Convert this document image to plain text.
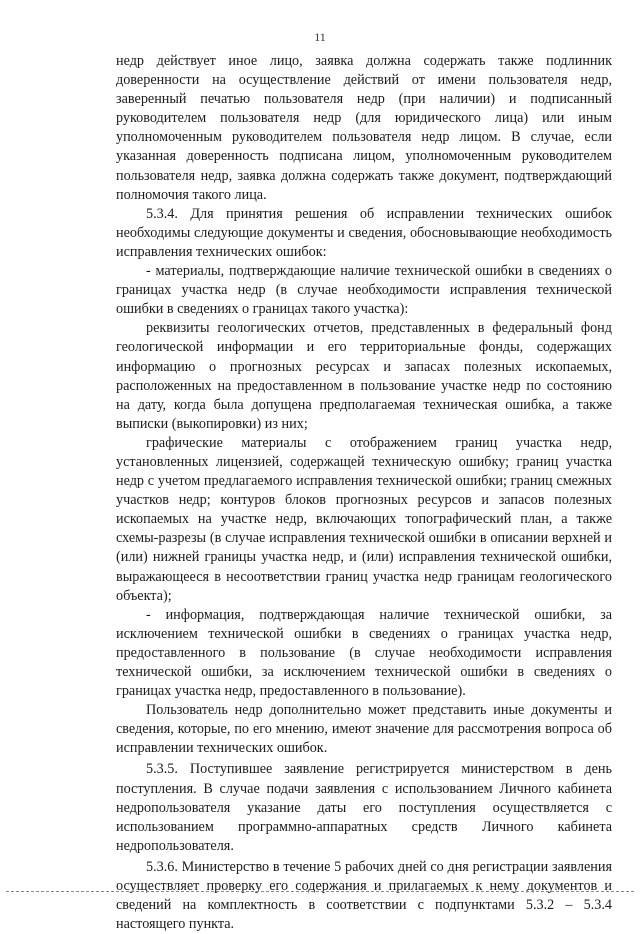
11

недр действует иное лицо, заявка должна содержать также подлинник доверенности на осуществление действий от имени пользователя недр, заверенный печатью пользователя недр (при наличии) и подписанный руководителем пользователя недр (для юридического лица) или иным уполномоченным руководителем пользователя недр лицом. В случае, если указанная доверенность подписана лицом, уполномоченным руководителем пользователя недр, заявка должна содержать также документ, подтверждающий полномочия такого лица.

5.3.4. Для принятия решения об исправлении технических ошибок необходимы следующие документы и сведения, обосновывающие необходимость исправления технических ошибок:

- материалы, подтверждающие наличие технической ошибки в сведениях о границах участка недр (в случае необходимости исправления технической ошибки в сведениях о границах такого участка):

реквизиты геологических отчетов, представленных в федеральный фонд геологической информации и его территориальные фонды, содержащих информацию о прогнозных ресурсах и запасах полезных ископаемых, расположенных на предоставленном в пользование участке недр по состоянию на дату, когда была допущена предполагаемая техническая ошибка, а также выписки (выкопировки) из них;

графические материалы с отображением границ участка недр, установленных лицензией, содержащей техническую ошибку; границ участка недр с учетом предлагаемого исправления технической ошибки; границ смежных участков недр; контуров блоков прогнозных ресурсов и запасов полезных ископаемых на участке недр, включающих топографический план, а также схемы-разрезы (в случае исправления технической ошибки в описании верхней и (или) нижней границы участка недр, и (или) исправления технической ошибки, выражающееся в несоответствии границ участка недр границам геологического объекта);

- информация, подтверждающая наличие технической ошибки, за исключением технической ошибки в сведениях о границах участка недр, предоставленного в пользование (в случае необходимости исправления технической ошибки, за исключением технической ошибки в сведениях о границах участка недр, предоставленного в пользование).

Пользователь недр дополнительно может представить иные документы и сведения, которые, по его мнению, имеют значение для рассмотрения вопроса об исправлении технических ошибок.

5.3.5. Поступившее заявление регистрируется министерством в день поступления. В случае подачи заявления с использованием Личного кабинета недропользователя указание даты его поступления осуществляется с использованием программно-аппаратных средств Личного кабинета недропользователя.

5.3.6. Министерство в течение 5 рабочих дней со дня регистрации заявления осуществляет проверку его содержания и прилагаемых к нему документов и сведений на комплектность в соответствии с подпунктами 5.3.2 – 5.3.4 настоящего пункта.
